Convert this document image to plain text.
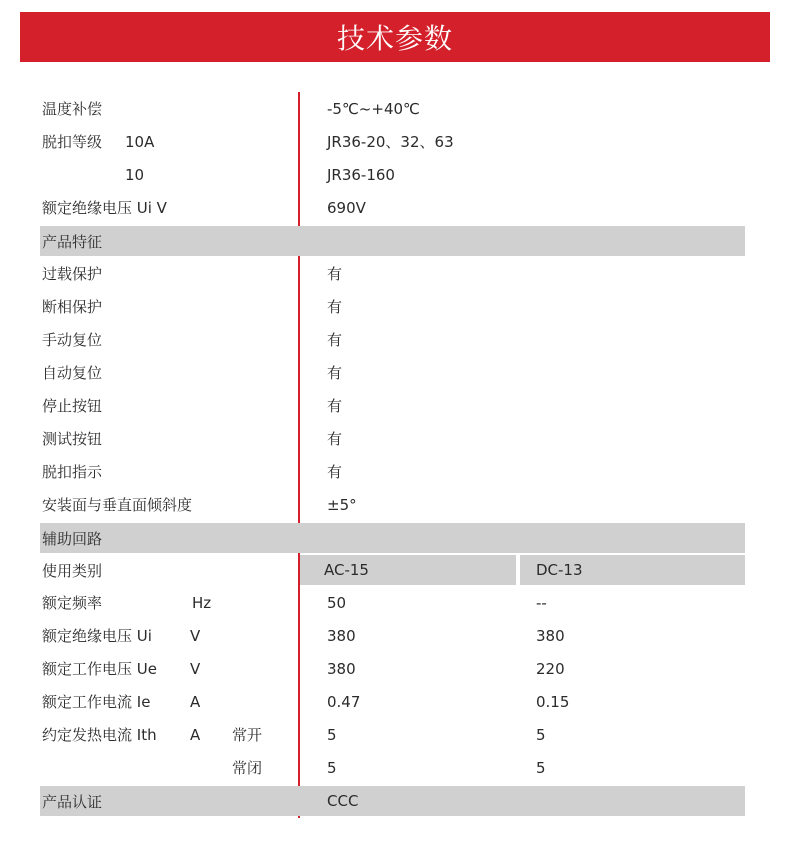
技术参数
温度补偿	-5℃~+40℃
脱扣等级 10A	JR36-20、32、63
10	JR36-160
额定绝缘电压 Ui V	690V
产品特征
过载保护	有
断相保护	有
手动复位	有
自动复位	有
停止按钮	有
测试按钮	有
脱扣指示	有
安装面与垂直面倾斜度	±5°
辅助回路
使用类别	AC-15	DC-13
额定频率	Hz	50	--
额定绝缘电压 Ui	V	380	380
额定工作电压 Ue V	380	220
额定工作电流 Ie	A	0.47	0.15
约定发热电流 Ith A 常开	5	5
常闭	5	5
产品认证	CCC
